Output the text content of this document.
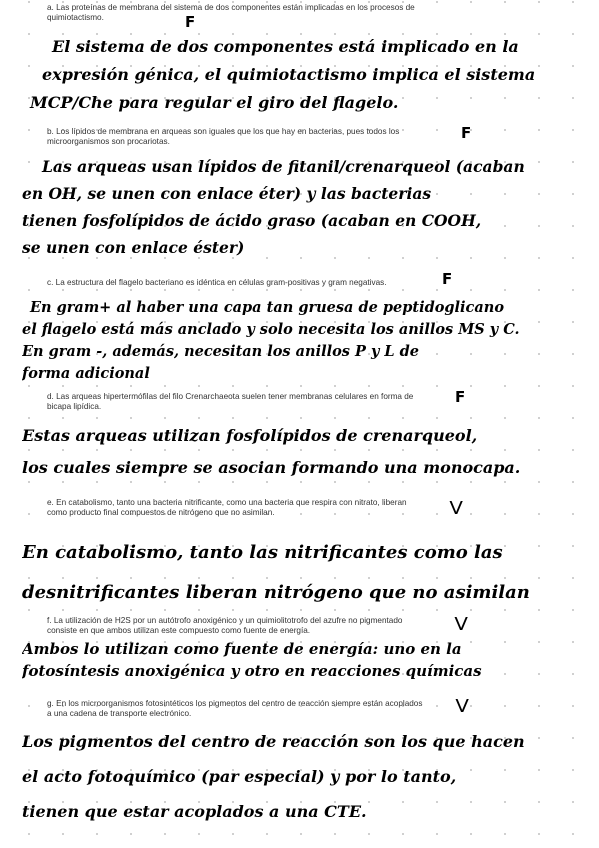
a. Las proteínas de membrana del sistema de dos componentes están implicadas en los procesos de quimiotactismo.	F
El sistema de dos componentes está implicado en la
expresión génica, el quimiotactismo implica el sistema
MCP/Che para regular el giro del flagelo.

b. Los lípidos de membrana en arqueas son iguales que los que hay en bacterias, pues todos los microorganismos son procariotas.	F
Las arqueas usan lípidos de fitanil/crenarqueol (acaban
en OH, se unen con enlace éter) y las bacterias
tienen fosfolípidos de ácido graso (acaban en COOH,
se unen con enlace éster)

c. La estructura del flagelo bacteriano es idéntica en células gram-positivas y gram negativas.	F
En gram+ al haber una capa tan gruesa de peptidoglicano
el flagelo está más anclado y solo necesita los anillos MS y C.
En gram -, además, necesitan los anillos P y L de
forma adicional

d. Las arqueas hipertermófilas del filo Crenarchaeota suelen tener membranas celulares en forma de bicapa lipídica.	F
Estas arqueas utilizan fosfolípidos de crenarqueol,
los cuales siempre se asocian formando una monocapa.

e. En catabolismo, tanto una bacteria nitrificante, como una bacteria que respira con nitrato, liberan como producto final compuestos de nitrógeno que no asimilan.	V
En catabolismo, tanto las nitrificantes como las
desnitrificantes liberan nitrógeno que no asimilan

f. La utilización de H2S por un autótrofo anoxigénico y un quimiolitotrofo del azufre no pigmentado consiste en que ambos utilizan este compuesto como fuente de energía.	V
Ambos lo utilizan como fuente de energía: uno en la
fotosíntesis anoxigénica y otro en reacciones químicas

g. En los microorganismos fotosintéticos los pigmentos del centro de reacción siempre están acoplados a una cadena de transporte electrónico.	V
Los pigmentos del centro de reacción son los que hacen
el acto fotoquímico (par especial) y por lo tanto,
tienen que estar acoplados a una CTE.
